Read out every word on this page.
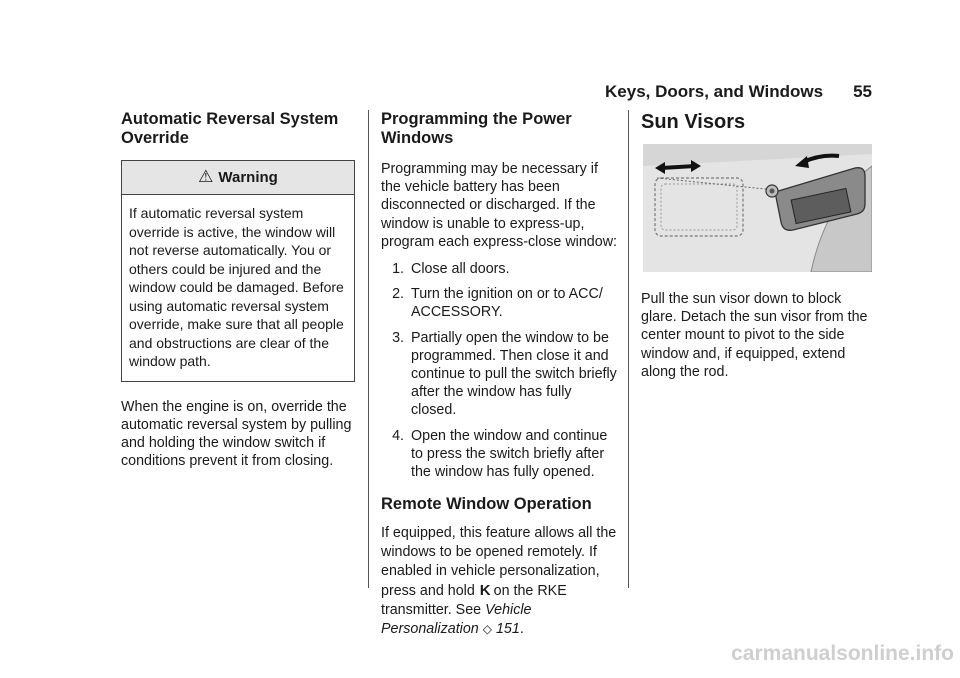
Keys, Doors, and Windows 55
Automatic Reversal System Override
⚠ Warning
If automatic reversal system override is active, the window will not reverse automatically. You or others could be injured and the window could be damaged. Before using automatic reversal system override, make sure that all people and obstructions are clear of the window path.

When the engine is on, override the automatic reversal system by pulling and holding the window switch if conditions prevent it from closing.

Programming the Power Windows

Programming may be necessary if the vehicle battery has been disconnected or discharged. If the window is unable to express-up, program each express-close window:

1. Close all doors.
2. Turn the ignition on or to ACC/ ACCESSORY.
3. Partially open the window to be programmed. Then close it and continue to pull the switch briefly after the window has fully closed.
4. Open the window and continue to press the switch briefly after the window has fully opened.
Remote Window Operation

If equipped, this feature allows all the windows to be opened remotely. If enabled in vehicle personalization, press and hold K on the RKE transmitter. See Vehicle Personalization ◇ 151.

Sun Visors

Pull the sun visor down to block glare. Detach the sun visor from the center mount to pivot to the side window and, if equipped, extend along the rod.

carmanualsonline.info
